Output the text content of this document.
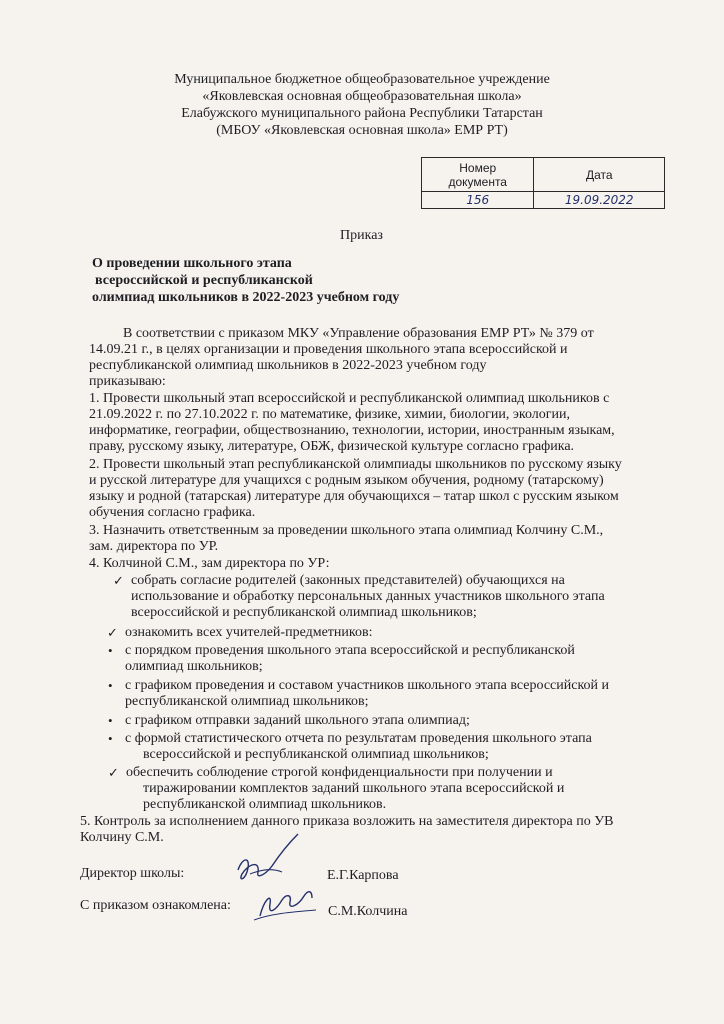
Муниципальное бюджетное общеобразовательное учреждение
«Яковлевская основная общеобразовательная школа»
Елабужского муниципального района Республики Татарстан
(МБОУ «Яковлевская основная школа» ЕМР РТ)
Номер
документа	Дата
156	19.09.2022
Приказ
О проведении школьного этапа
всероссийской и республиканской
олимпиад школьников в 2022-2023 учебном году
В соответствии с приказом МКУ «Управление образования ЕМР РТ» № 379 от
14.09.21 г., в целях организации и проведения школьного этапа всероссийской и
республиканской олимпиад школьников в 2022-2023 учебном году
приказываю:
1. Провести школьный этап всероссийской и республиканской олимпиад школьников с
21.09.2022 г. по 27.10.2022 г. по математике, физике, химии, биологии, экологии,
информатике, географии, обществознанию, технологии, истории, иностранным языкам,
праву, русскому языку, литературе, ОБЖ, физической культуре согласно графика.
2. Провести школьный этап республиканской олимпиады школьников по русскому языку
и русской литературе для учащихся с родным языком обучения, родному (татарскому)
языку и родной (татарская) литературе для обучающихся – татар школ с русским языком
обучения согласно графика.
3. Назначить ответственным за проведении школьного этапа олимпиад Колчину С.М.,
зам. директора по УР.
4. Колчиной С.М., зам директора по УР:
✓ собрать согласие родителей (законных представителей) обучающихся на
использование и обработку персональных данных участников школьного этапа
всероссийской и республиканской олимпиад школьников;
✓ ознакомить всех учителей-предметников:
• с порядком проведения школьного этапа всероссийской и республиканской
олимпиад школьников;
• с графиком проведения и составом участников школьного этапа всероссийской и
республиканской олимпиад школьников;
• с графиком отправки заданий школьного этапа олимпиад;
• с формой статистического отчета по результатам проведения школьного этапа
всероссийской и республиканской олимпиад школьников;
✓ обеспечить соблюдение строгой конфиденциальности при получении и
тиражировании комплектов заданий школьного этапа всероссийской и
республиканской олимпиад школьников.
5. Контроль за исполнением данного приказа возложить на заместителя директора по УВ
Колчину С.М.
Директор школы:	Е.Г.Карпова
С приказом ознакомлена:	С.М.Колчина
